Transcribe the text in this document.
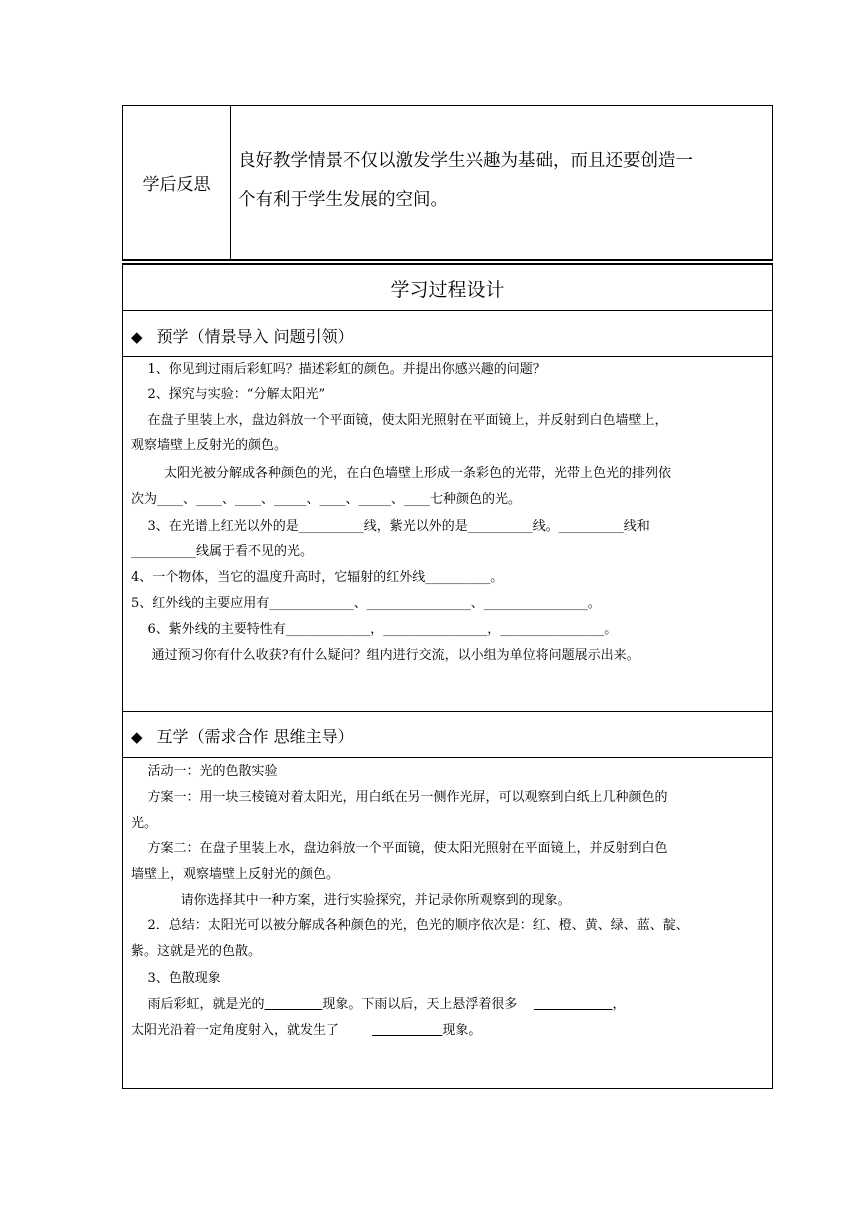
学后反思
良好教学情景不仅以激发学生兴趣为基础，而且还要创造一
个有利于学生发展的空间。
学习过程设计
◆ 预学（情景导入 问题引领）
1、你见到过雨后彩虹吗？描述彩虹的颜色。并提出你感兴趣的问题？
2、探究与实验：“分解太阳光”
在盘子里装上水，盘边斜放一个平面镜，使太阳光照射在平面镜上，并反射到白色墙壁上，
观察墙壁上反射光的颜色。
太阳光被分解成各种颜色的光，在白色墙壁上形成一条彩色的光带，光带上色光的排列依
次为____、____、____、_____、____、_____、____七种颜色的光。
3、在光谱上红光以外的是__________线，紫光以外的是__________线。__________线和
__________线属于看不见的光。
4、一个物体，当它的温度升高时，它辐射的红外线__________。
5、红外线的主要应用有_____________、________________、________________。
6、紫外线的主要特性有_____________，________________，________________。
通过预习你有什么收获?有什么疑问？组内进行交流，以小组为单位将问题展示出来。
◆ 互学（需求合作 思维主导）
活动一：光的色散实验
方案一：用一块三棱镜对着太阳光，用白纸在另一侧作光屏，可以观察到白纸上几种颜色的
光。
方案二：在盘子里装上水，盘边斜放一个平面镜，使太阳光照射在平面镜上，并反射到白色
墙壁上，观察墙壁上反射光的颜色。
请你选择其中一种方案，进行实验探究，并记录你所观察到的现象。
2．总结：太阳光可以被分解成各种颜色的光，色光的顺序依次是：红、橙、黄、绿、蓝、靛、
紫。这就是光的色散。
3、色散现象
雨后彩虹，就是光的	现象。下雨以后，天上悬浮着很多	，
太阳光沿着一定角度射入，就发生了	现象。
